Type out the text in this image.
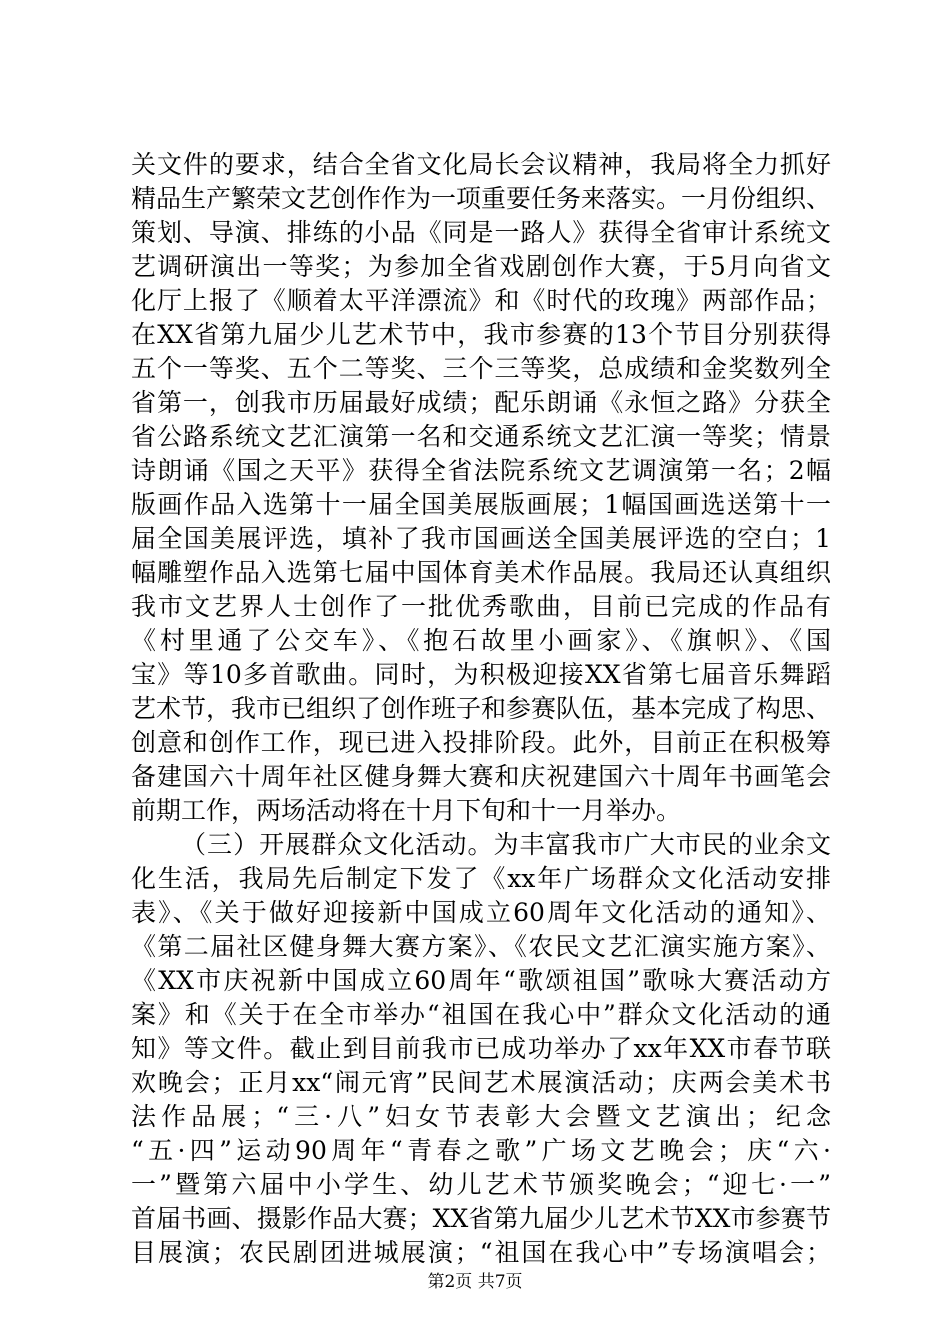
关文件的要求，结合全省文化局长会议精神，我局将全力抓好
精品生产繁荣文艺创作作为一项重要任务来落实。一月份组织、
策划、导演、排练的小品《同是一路人》获得全省审计系统文
艺调研演出一等奖；为参加全省戏剧创作大赛，于5月向省文
化厅上报了《顺着太平洋漂流》和《时代的玫瑰》两部作品；
在XX省第九届少儿艺术节中，我市参赛的13个节目分别获得
五个一等奖、五个二等奖、三个三等奖，总成绩和金奖数列全
省第一，创我市历届最好成绩；配乐朗诵《永恒之路》分获全
省公路系统文艺汇演第一名和交通系统文艺汇演一等奖；情景
诗朗诵《国之天平》获得全省法院系统文艺调演第一名；2幅
版画作品入选第十一届全国美展版画展；1幅国画选送第十一
届全国美展评选，填补了我市国画送全国美展评选的空白；1
幅雕塑作品入选第七届中国体育美术作品展。我局还认真组织
我市文艺界人士创作了一批优秀歌曲，目前已完成的作品有
《村里通了公交车》、《抱石故里小画家》、《旗帜》、《国
宝》等10多首歌曲。同时，为积极迎接XX省第七届音乐舞蹈
艺术节，我市已组织了创作班子和参赛队伍，基本完成了构思、
创意和创作工作，现已进入投排阶段。此外，目前正在积极筹
备建国六十周年社区健身舞大赛和庆祝建国六十周年书画笔会
前期工作，两场活动将在十月下旬和十一月举办。
（三）开展群众文化活动。为丰富我市广大市民的业余文
化生活，我局先后制定下发了《xx年广场群众文化活动安排
表》、《关于做好迎接新中国成立60周年文化活动的通知》、
《第二届社区健身舞大赛方案》、《农民文艺汇演实施方案》、
《XX市庆祝新中国成立60周年“歌颂祖国”歌咏大赛活动方
案》和《关于在全市举办“祖国在我心中”群众文化活动的通
知》等文件。截止到目前我市已成功举办了xx年XX市春节联
欢晚会；正月xx“闹元宵”民间艺术展演活动；庆两会美术书
法作品展；“三·八”妇女节表彰大会暨文艺演出；纪念
“五·四”运动90周年“青春之歌”广场文艺晚会；庆“六·
一”暨第六届中小学生、幼儿艺术节颁奖晚会；“迎七·一”
首届书画、摄影作品大赛；XX省第九届少儿艺术节XX市参赛节
目展演；农民剧团进城展演；“祖国在我心中”专场演唱会；
第2页 共7页
